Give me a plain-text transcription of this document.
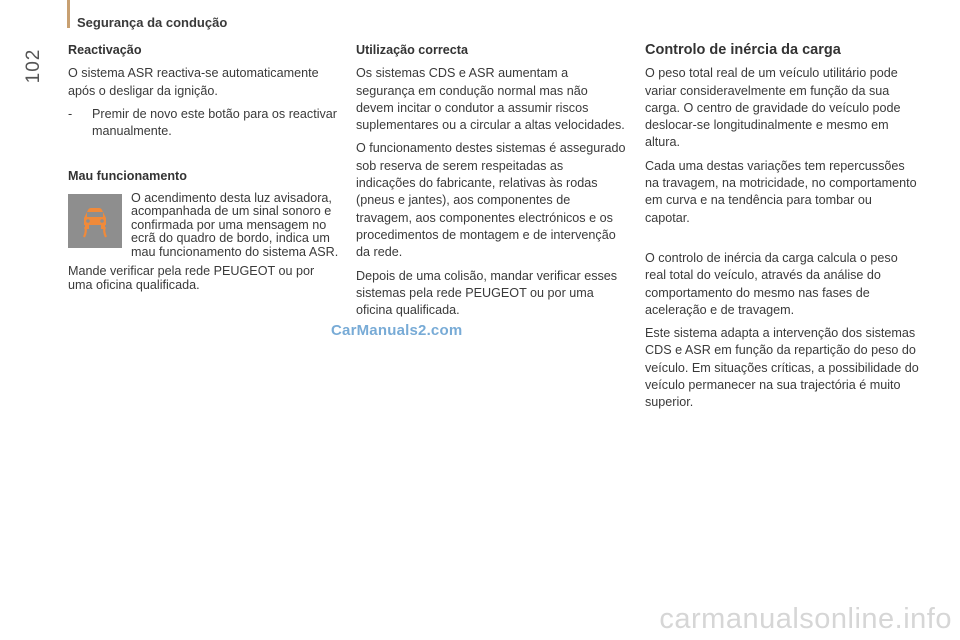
Segurança da condução
102 Reactivação

O sistema ASR reactiva-se automaticamente após o desligar da ignição.

-	Premir de novo este botão para os reactivar manualmente.
Mau funcionamento
O acendimento desta luz avisadora, acompanhada de um sinal sonoro e confirmada por uma mensagem no ecrã do quadro de bordo, indica um mau funcionamento do sistema ASR.

Mande verificar pela rede PEUGEOT ou por uma oficina qualificada.

Utilização correcta

Os sistemas CDS e ASR aumentam a segurança em condução normal mas não devem incitar o condutor a assumir riscos suplementares ou a circular a altas velocidades.

O funcionamento destes sistemas é assegurado sob reserva de serem respeitadas as indicações do fabricante, relativas às rodas (pneus e jantes), aos componentes de travagem, aos componentes electrónicos e os procedimentos de montagem e de intervenção da rede.

Depois de uma colisão, mandar verificar esses sistemas pela rede PEUGEOT ou por uma oficina qualificada.

Controlo de inércia da carga

O peso total real de um veículo utilitário pode variar consideravelmente em função da sua carga. O centro de gravidade do veículo pode deslocar-se longitudinalmente e mesmo em altura.

Cada uma destas variações tem repercussões na travagem, na motricidade, no comportamento em curva e na tendência para tombar ou capotar.

O controlo de inércia da carga calcula o peso real total do veículo, através da análise do comportamento do mesmo nas fases de aceleração e de travagem.

Este sistema adapta a intervenção dos sistemas CDS e ASR em função da repartição do peso do veículo. Em situações críticas, a possibilidade do veículo permanecer na sua trajectória é muito superior.

CarManuals2.com
carmanualsonline.info
